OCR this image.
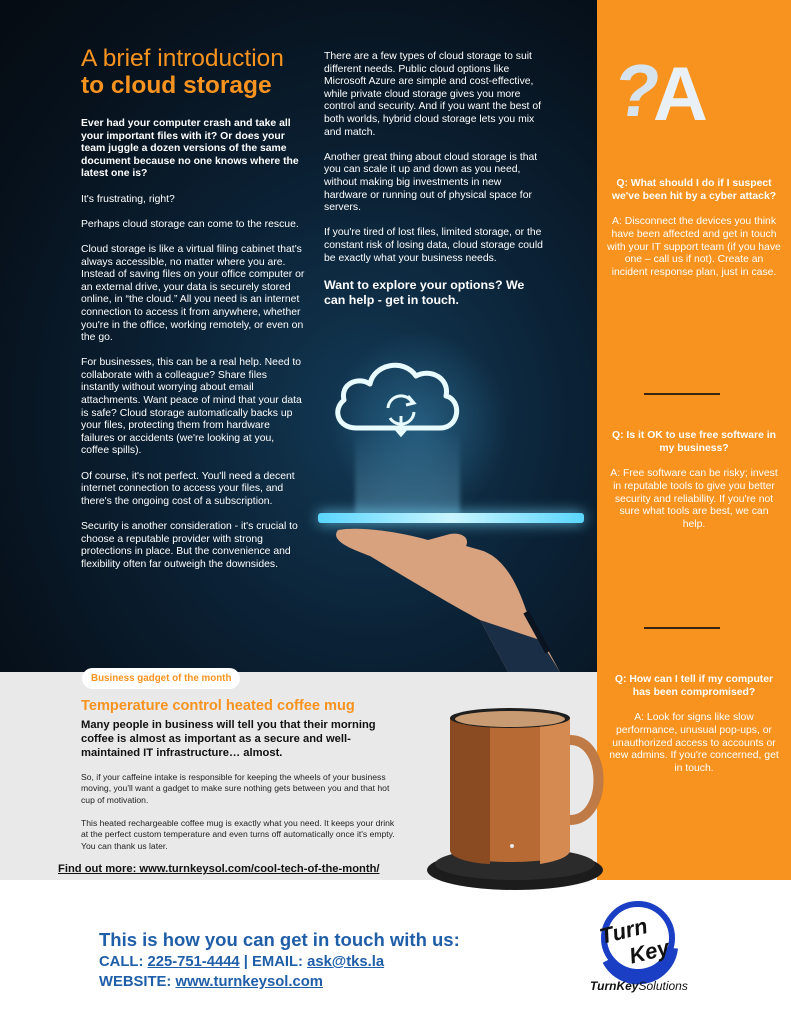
A brief introduction
to cloud storage

Ever had your computer crash and take all your important files with it? Or does your team juggle a dozen versions of the same document because no one knows where the latest one is?

It's frustrating, right?

Perhaps cloud storage can come to the rescue.

Cloud storage is like a virtual filing cabinet that's always accessible, no matter where you are. Instead of saving files on your office computer or an external drive, your data is securely stored online, in “the cloud.” All you need is an internet connection to access it from anywhere, whether you're in the office, working remotely, or even on the go.

For businesses, this can be a real help. Need to collaborate with a colleague? Share files instantly without worrying about email attachments. Want peace of mind that your data is safe? Cloud storage automatically backs up your files, protecting them from hardware failures or accidents (we're looking at you, coffee spills).

Of course, it's not perfect. You'll need a decent internet connection to access your files, and there's the ongoing cost of a subscription.

Security is another consideration - it's crucial to choose a reputable provider with strong protections in place. But the convenience and flexibility often far outweigh the downsides.

There are a few types of cloud storage to suit different needs. Public cloud options like Microsoft Azure are simple and cost-effective, while private cloud storage gives you more control and security. And if you want the best of both worlds, hybrid cloud storage lets you mix and match.

Another great thing about cloud storage is that you can scale it up and down as you need, without making big investments in new hardware or running out of physical space for servers.

If you're tired of lost files, limited storage, or the constant risk of losing data, cloud storage could be exactly what your business needs.

Want to explore your options? We can help - get in touch.

?
A
Q: What should I do if I suspect we've been hit by a cyber attack?
A: Disconnect the devices you think have been affected and get in touch with your IT support team (if you have one – call us if not). Create an incident response plan, just in case.
Q: Is it OK to use free software in my business?
A: Free software can be risky; invest in reputable tools to give you better security and reliability. If you're not sure what tools are best, we can help.
Q: How can I tell if my computer has been compromised?
A: Look for signs like slow performance, unusual pop-ups, or unauthorized access to accounts or new admins. If you're concerned, get in touch.
Business gadget of the month
Temperature control heated coffee mug
Many people in business will tell you that their morning coffee is almost as important as a secure and well-maintained IT infrastructure… almost.
So, if your caffeine intake is responsible for keeping the wheels of your business moving, you'll want a gadget to make sure nothing gets between you and that hot cup of motivation.
This heated rechargeable coffee mug is exactly what you need. It keeps your drink at the perfect custom temperature and even turns off automatically once it's empty. You can thank us later.
Find out more: www.turnkeysol.com/cool-tech-of-the-month/
This is how you can get in touch with us:
CALL: 225-751-4444 | EMAIL: ask@tks.la
WEBSITE: www.turnkeysol.com
Turn
Key
TurnKeySolutions
